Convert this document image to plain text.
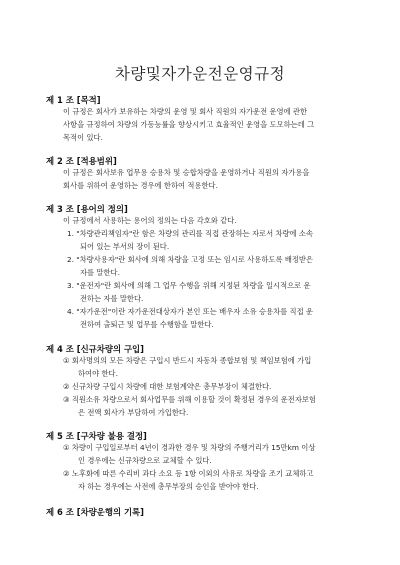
차량및자가운전운영규정
제 1 조 [목적]
이 규정은 회사가 보유하는 차량의 운영 및 회사 직원의 자가운전 운영에 관한
사항을 규정하여 차량의 가동능률을 향상시키고 효율적인 운영을 도모하는데 그
목적이 있다.
제 2 조 [적용범위]
이 규정은 회사보유 업무용 승용차 및 승합차량을 운영하거나 직원의 자가용을
회사를 위하여 운영하는 경우에 한하여 적용한다.
제 3 조 [용어의 정의]
이 규정에서 사용하는 용어의 정의는 다음 각호와 같다.
1. "차량관리책임자"란 함은 차량의 관리를 직접 관장하는 자로서 차량에 소속
되어 있는 부서의 장이 된다.
2. "차량사용자"란 회사에 의해 차량을 고정 또는 임시로 사용하도록 배정받은
자를 말한다.
3. "운전자"란 회사에 의해 그 업무 수행을 위해 지정된 차량을 일시적으로 운
전하는 자를 말한다.
4. "자가운전"이란 자가운전대상자가 본인 또는 배우자 소유 승용차를 직접 운
전하여 출퇴근 및 업무를 수행함을 말한다.
제 4 조 [신규차량의 구입]
① 회사명의의 모든 차량은 구입시 반드시 자동차 종합보험 및 책임보험에 가입
하여야 한다.
② 신규차량 구입시 차량에 대한 보험계약은 총무부장이 체결한다.
③ 직원소유 차량으로서 회사업무를 위해 이용할 것이 확정된 경우의 운전자보험
은 전액 회사가 부담하여 가입한다.
제 5 조 [구차량 불용 결정]
① 차량이 구입일로부터 4년이 경과한 경우 및 차량의 주행거리가 15만km 이상
인 경우에는 신규차량으로 교체할 수 있다.
② 노후화에 따른 수리비 과다 소요 등 1항 이외의 사유로 차량을 조기 교체하고
자 하는 경우에는 사전에 총무부장의 승인을 받아야 한다.
제 6 조 [차량운행의 기록]
